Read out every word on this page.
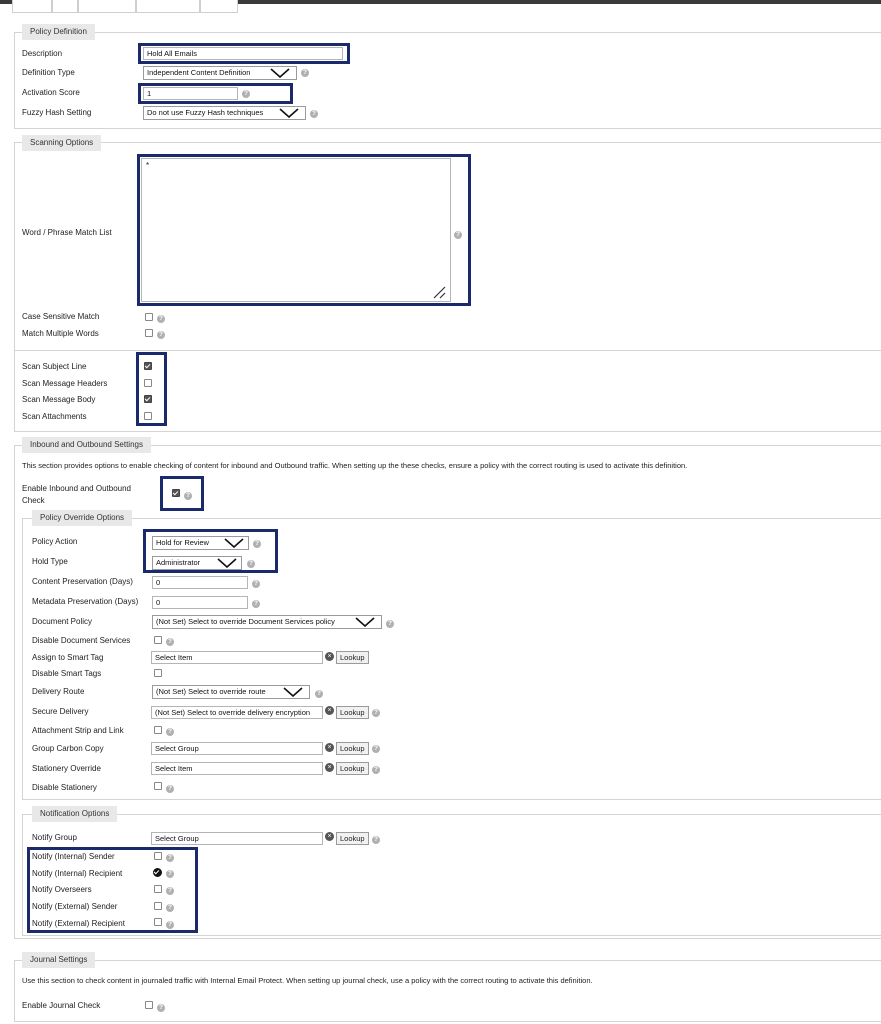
Policy Definition
Description	Hold All Emails
Definition Type	Independent Content Definition	?
Activation Score	1	?
Fuzzy Hash Setting	Do not use Fuzzy Hash techniques	?
Scanning Options
Word / Phrase Match List
*
?
Case Sensitive Match	?
Match Multiple Words	?
Scan Subject Line
Scan Message Headers
Scan Message Body
Scan Attachments
Inbound and Outbound Settings
This section provides options to enable checking of content for inbound and Outbound traffic. When setting up the these checks, ensure a policy with the correct routing is used to activate this definition.
Enable Inbound and Outbound
Check
?
Policy Override Options
Policy Action	Hold for Review	?
Hold Type	Administrator	?
Content Preservation (Days)	0	?
Metadata Preservation (Days)	0	?
Document Policy	(Not Set) Select to override Document Services policy	?
Disable Document Services	?
Assign to Smart Tag	Select Item	×	Lookup
Disable Smart Tags
Delivery Route	(Not Set) Select to override route	?
Secure Delivery	(Not Set) Select to override delivery encryption	×	Lookup	?
Attachment Strip and Link	?
Group Carbon Copy	Select Group	×	Lookup	?
Stationery Override	Select Item	×	Lookup	?
Disable Stationery	?
Notification Options
Notify Group	Select Group	×	Lookup	?
Notify (Internal) Sender	?
Notify (Internal) Recipient	?
Notify Overseers	?
Notify (External) Sender	?
Notify (External) Recipient	?
Journal Settings
Use this section to check content in journaled traffic with Internal Email Protect. When setting up journal check, use a policy with the correct routing to activate this definition.
Enable Journal Check	?
